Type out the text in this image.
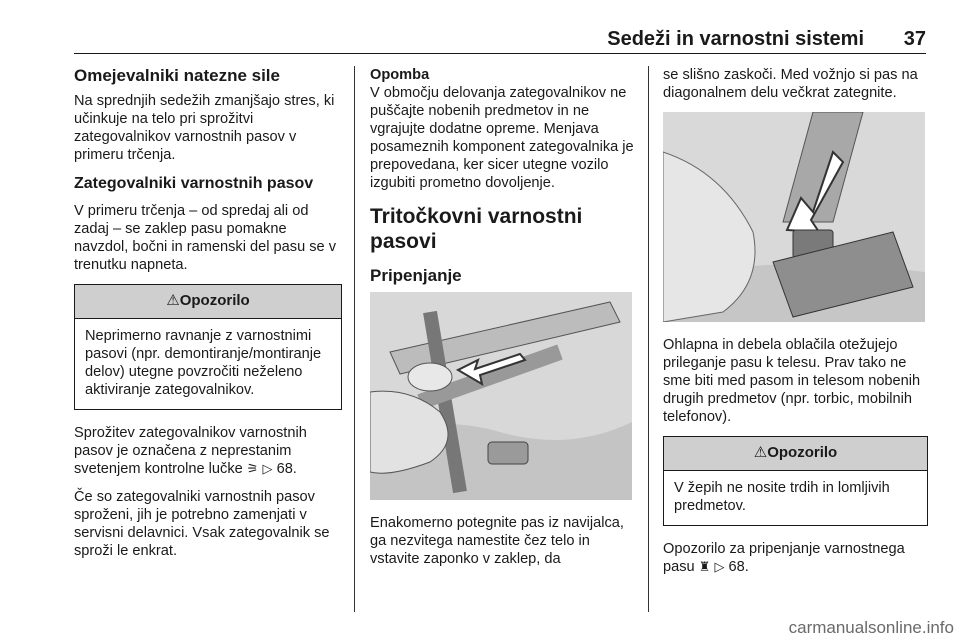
Sedeži in varnostni sistemi 37
Omejevalniki natezne sile

Na sprednjih sedežih zmanjšajo stres, ki učinkuje na telo pri sprožitvi zategovalnikov varnostnih pasov v primeru trčenja.

Zategovalniki varnostnih pasov

V primeru trčenja – od spredaj ali od zadaj – se zaklep pasu pomakne navzdol, bočni in ramenski del pasu se v trenutku napneta.

⚠Opozorilo
Neprimerno ravnanje z varnostnimi pasovi (npr. demontiranje/montiranje delov) utegne povzročiti neželeno aktiviranje zategovalnikov.

Sprožitev zategovalnikov varnostnih pasov je označena z neprestanim svetenjem kontrolne lučke ⚞ ▷ 68.

Če so zategovalniki varnostnih pasov sproženi, jih je potrebno zamenjati v servisni delavnici. Vsak zategovalnik se sproži le enkrat.

Opomba

V območju delovanja zategovalnikov ne puščajte nobenih predmetov in ne vgrajujte dodatne opreme. Menjava posameznih komponent zategovalnika je prepovedana, ker sicer utegne vozilo izgubiti prometno dovoljenje.

Tritočkovni varnostni pasovi
Pripenjanje

Enakomerno potegnite pas iz navijalca, ga nezvitega namestite čez telo in vstavite zaponko v zaklep, da

se slišno zaskoči. Med vožnjo si pas na diagonalnem delu večkrat zategnite.

Ohlapna in debela oblačila otežujejo prileganje pasu k telesu. Prav tako ne sme biti med pasom in telesom nobenih drugih predmetov (npr. torbic, mobilnih telefonov).

⚠Opozorilo
V žepih ne nosite trdih in lomljivih predmetov.

Opozorilo za pripenjanje varnostnega pasu ♜ ▷ 68.

carmanualsonline.info
